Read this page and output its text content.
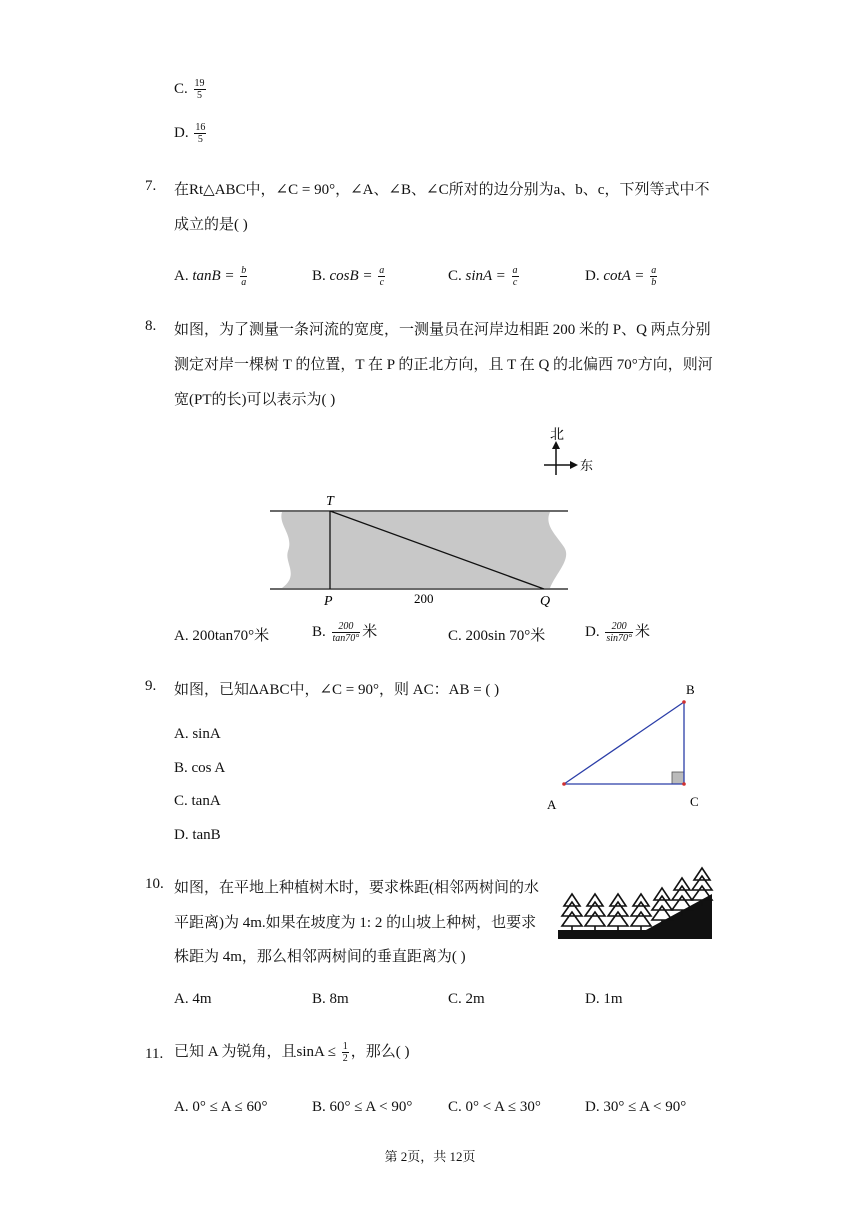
C. $\frac{19}{5}$
D. $\frac{16}{5}$
7. 在Rt△ABC中，∠C = 90°，∠A、∠B、∠C所对的边分别为a、b、c，下列等式中不
成立的是( )
A. $\tan B = \frac{b}{a}$	B. $\cos B = \frac{a}{c}$	C. $\sin A = \frac{a}{c}$	D. $\cot A = \frac{a}{b}$
8. 如图，为了测量一条河流的宽度，一测量员在河岸边相距 200 米的 P、Q 两点分别
测定对岸一棵树 T 的位置，T 在 P 的正北方向，且 T 在 Q 的北偏西 70°方向，则河
宽(PT的长)可以表示为( )
北
东
T
P	Q
200
A. 200tan70°米	B. $\frac{200}{\tan 70^\circ}$ 米	C. 200sin 70°米	D. $\frac{200}{\sin 70^\circ}$ 米
9. 如图，已知ΔABC中，∠C = 90°，则 AC：AB = ( )
A. sinA
B. cos A
C. tanA
D. tanB
A
B
C
10. 如图，在平地上种植树木时，要求株距(相邻两树间的水
平距离)为 4m.如果在坡度为 1: 2 的山坡上种树，也要求
株距为 4m，那么相邻两树间的垂直距离为( )
A. 4m	B. 8m	C. 2m	D. 1m
11. 已知 A 为锐角，且$\sin A \le \frac{1}{2}$ ，那么( )
A. 0° ≤ A ≤ 60°	B. 60° ≤ A < 90° C. 0° < A ≤ 30°	D. 30° ≤ A < 90°
第 2页，共 12页
